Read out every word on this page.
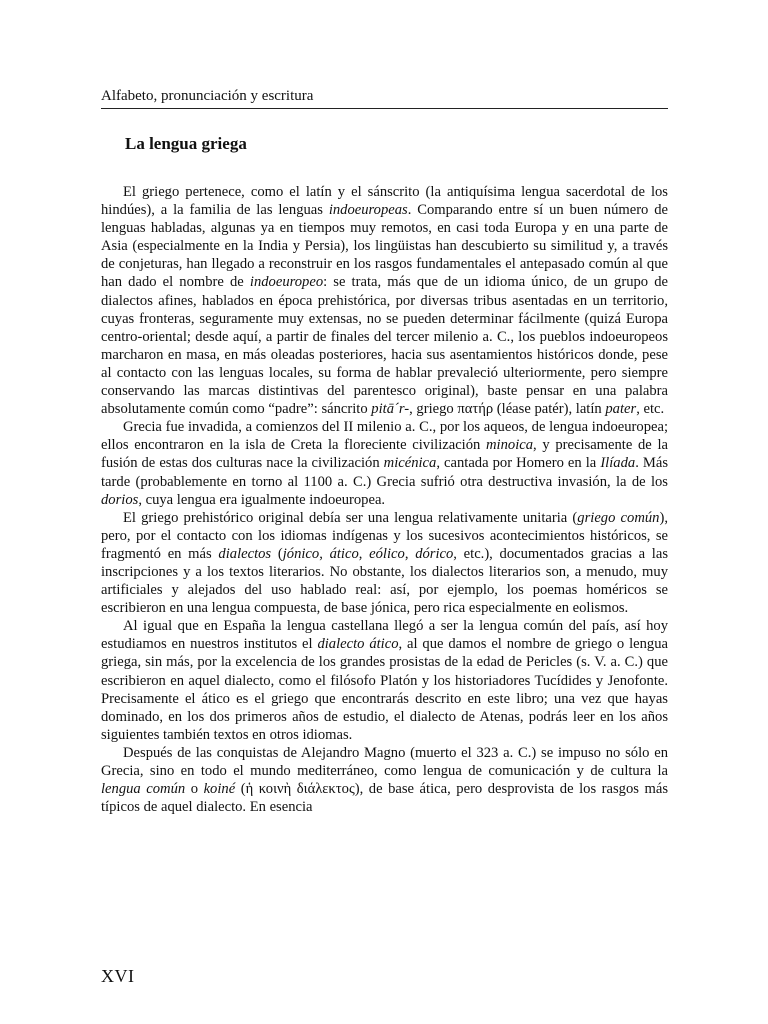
Alfabeto, pronunciación y escritura
La lengua griega

El griego pertenece, como el latín y el sánscrito (la antiquísima lengua sacerdotal de los hindúes), a la familia de las lenguas indoeuropeas. Comparando entre sí un buen número de lenguas habladas, algunas ya en tiempos muy remotos, en casi toda Europa y en una parte de Asia (especialmente en la India y Persia), los lingüistas han descubierto su similitud y, a través de conjeturas, han llegado a reconstruir en los rasgos fundamentales el antepasado común al que han dado el nombre de indoeuropeo: se trata, más que de un idioma único, de un grupo de dialectos afines, hablados en época prehistórica, por diversas tribus asentadas en un territorio, cuyas fronteras, seguramente muy extensas, no se pueden determinar fácilmente (quizá Europa centro-oriental; desde aquí, a partir de finales del tercer milenio a. C., los pueblos indoeuropeos marcharon en masa, en más oleadas posteriores, hacia sus asentamientos históricos donde, pese al contacto con las lenguas locales, su forma de hablar prevaleció ulteriormente, pero siempre conservando las marcas distintivas del parentesco original), baste pensar en una palabra absolutamente común como “padre”: sáncrito pitā´r-, griego πατήρ (léase patér), latín pater, etc.

Grecia fue invadida, a comienzos del II milenio a. C., por los aqueos, de lengua indoeuropea; ellos encontraron en la isla de Creta la floreciente civilización minoica, y precisamente de la fusión de estas dos culturas nace la civilización micénica, cantada por Homero en la Ilíada. Más tarde (probablemente en torno al 1100 a. C.) Grecia sufrió otra destructiva invasión, la de los dorios, cuya lengua era igualmente indoeuropea.

El griego prehistórico original debía ser una lengua relativamente unitaria (griego común), pero, por el contacto con los idiomas indígenas y los sucesivos acontecimientos históricos, se fragmentó en más dialectos (jónico, ático, eólico, dórico, etc.), documentados gracias a las inscripciones y a los textos literarios. No obstante, los dialectos literarios son, a menudo, muy artificiales y alejados del uso hablado real: así, por ejemplo, los poemas homéricos se escribieron en una lengua compuesta, de base jónica, pero rica especialmente en eolismos.

Al igual que en España la lengua castellana llegó a ser la lengua común del país, así hoy estudiamos en nuestros institutos el dialecto ático, al que damos el nombre de griego o lengua griega, sin más, por la excelencia de los grandes prosistas de la edad de Pericles (s. V. a. C.) que escribieron en aquel dialecto, como el filósofo Platón y los historiadores Tucídides y Jenofonte. Precisamente el ático es el griego que encontrarás descrito en este libro; una vez que hayas dominado, en los dos primeros años de estudio, el dialecto de Atenas, podrás leer en los años siguientes también textos en otros idiomas.

Después de las conquistas de Alejandro Magno (muerto el 323 a. C.) se impuso no sólo en Grecia, sino en todo el mundo mediterráneo, como lengua de comunicación y de cultura la lengua común o koiné (ἡ κοινὴ διάλεκτος), de base ática, pero desprovista de los rasgos más típicos de aquel dialecto. En esencia

XVI
